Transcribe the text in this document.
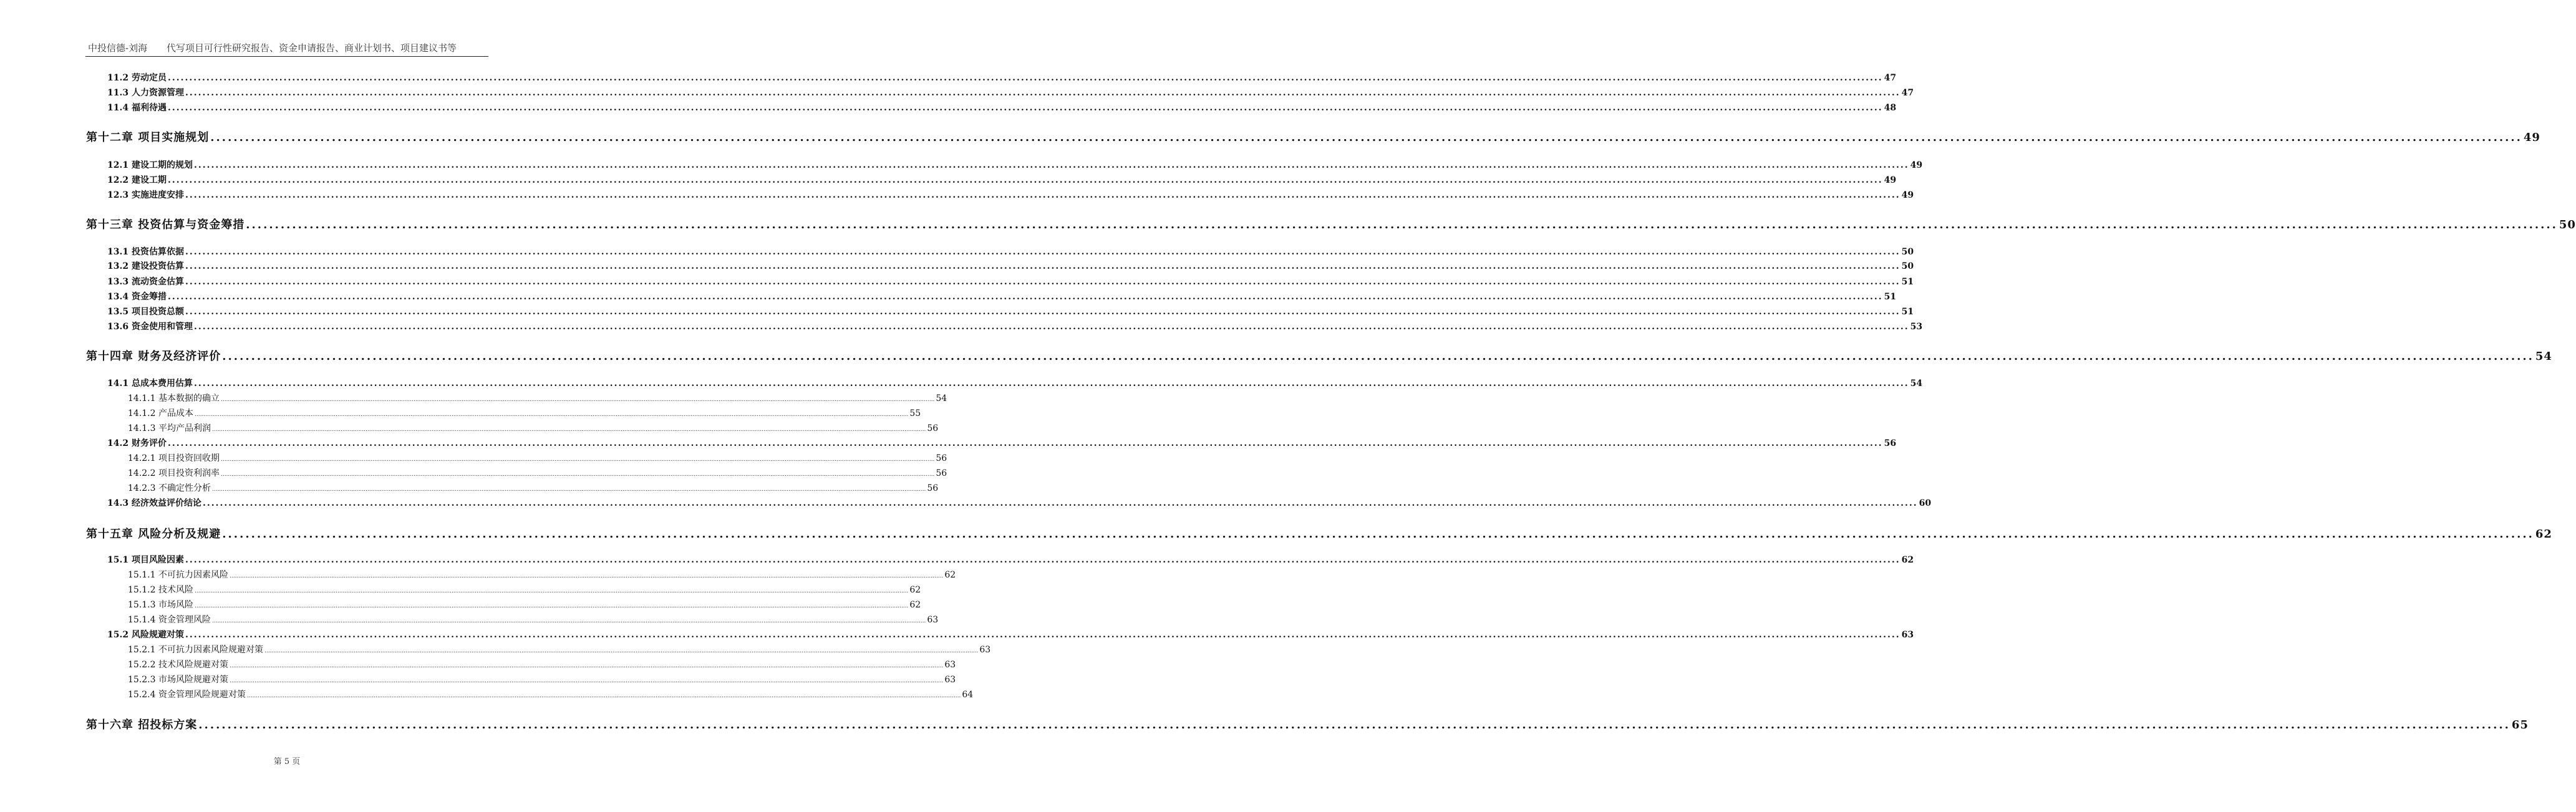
中投信德-刘海 代写项目可行性研究报告、资金申请报告、商业计划书、项目建议书等
11.2 劳动定员 ................................................................................................................................................................................................................................................................................................................................................................................................................ 47
11.3 人力资源管理 ................................................................................................................................................................................................................................................................................................................................................................................................................ 47
11.4 福利待遇 ................................................................................................................................................................................................................................................................................................................................................................................................................ 48
第十二章 项目实施规划 ................................................................................................................................................................................................................................................................................................................................................................................................................ 49
12.1 建设工期的规划 ................................................................................................................................................................................................................................................................................................................................................................................................................ 49
12.2 建设工期 ................................................................................................................................................................................................................................................................................................................................................................................................................ 49
12.3 实施进度安排 ................................................................................................................................................................................................................................................................................................................................................................................................................ 49
第十三章 投资估算与资金筹措 ................................................................................................................................................................................................................................................................................................................................................................................................................ 50
13.1 投资估算依据 ................................................................................................................................................................................................................................................................................................................................................................................................................ 50
13.2 建设投资估算 ................................................................................................................................................................................................................................................................................................................................................................................................................ 50
13.3 流动资金估算 ................................................................................................................................................................................................................................................................................................................................................................................................................ 51
13.4 资金筹措 ................................................................................................................................................................................................................................................................................................................................................................................................................ 51
13.5 项目投资总额 ................................................................................................................................................................................................................................................................................................................................................................................................................ 51
13.6 资金使用和管理 ................................................................................................................................................................................................................................................................................................................................................................................................................ 53
第十四章 财务及经济评价 ................................................................................................................................................................................................................................................................................................................................................................................................................ 54
14.1 总成本费用估算 ................................................................................................................................................................................................................................................................................................................................................................................................................ 54
14.1.1 基本数据的确立 ................................................................................................................................................................................................................................................................................................................................................................................................................ 54
14.1.2 产品成本 ................................................................................................................................................................................................................................................................................................................................................................................................................ 55
14.1.3 平均产品利润 ................................................................................................................................................................................................................................................................................................................................................................................................................ 56
14.2 财务评价 ................................................................................................................................................................................................................................................................................................................................................................................................................ 56
14.2.1 项目投资回收期 ................................................................................................................................................................................................................................................................................................................................................................................................................ 56
14.2.2 项目投资利润率 ................................................................................................................................................................................................................................................................................................................................................................................................................ 56
14.2.3 不确定性分析 ................................................................................................................................................................................................................................................................................................................................................................................................................ 56
14.3 经济效益评价结论 ................................................................................................................................................................................................................................................................................................................................................................................................................ 60
第十五章 风险分析及规避 ................................................................................................................................................................................................................................................................................................................................................................................................................ 62
15.1 项目风险因素 ................................................................................................................................................................................................................................................................................................................................................................................................................ 62
15.1.1 不可抗力因素风险 ................................................................................................................................................................................................................................................................................................................................................................................................................ 62
15.1.2 技术风险 ................................................................................................................................................................................................................................................................................................................................................................................................................ 62
15.1.3 市场风险 ................................................................................................................................................................................................................................................................................................................................................................................................................ 62
15.1.4 资金管理风险 ................................................................................................................................................................................................................................................................................................................................................................................................................ 63
15.2 风险规避对策 ................................................................................................................................................................................................................................................................................................................................................................................................................ 63
15.2.1 不可抗力因素风险规避对策 ................................................................................................................................................................................................................................................................................................................................................................................................................ 63
15.2.2 技术风险规避对策 ................................................................................................................................................................................................................................................................................................................................................................................................................ 63
15.2.3 市场风险规避对策 ................................................................................................................................................................................................................................................................................................................................................................................................................ 63
15.2.4 资金管理风险规避对策 ................................................................................................................................................................................................................................................................................................................................................................................................................ 64
第十六章 招投标方案 ................................................................................................................................................................................................................................................................................................................................................................................................................ 65
第 5 页
